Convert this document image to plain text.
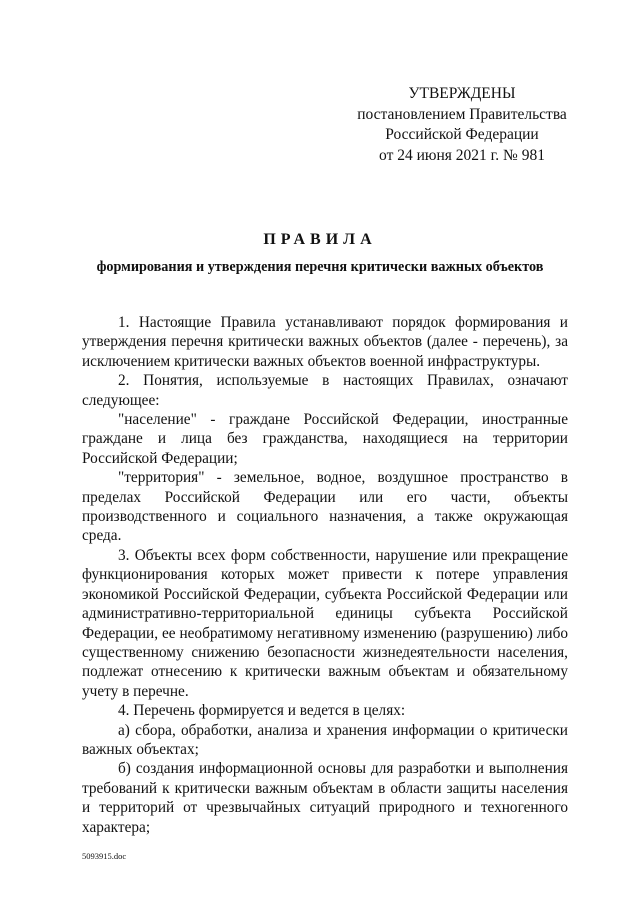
УТВЕРЖДЕНЫ
постановлением Правительства
Российской Федерации
от 24 июня 2021 г. № 981
ПРАВИЛА
формирования и утверждения перечня критически важных объектов

1. Настоящие Правила устанавливают порядок формирования и утверждения перечня критически важных объектов (далее - перечень), за исключением критически важных объектов военной инфраструктуры.

2. Понятия, используемые в настоящих Правилах, означают следующее:

"население" - граждане Российской Федерации, иностранные граждане и лица без гражданства, находящиеся на территории Российской Федерации;

"территория" - земельное, водное, воздушное пространство в пределах Российской Федерации или его части, объекты производственного и социального назначения, а также окружающая среда.

3. Объекты всех форм собственности, нарушение или прекращение функционирования которых может привести к потере управления экономикой Российской Федерации, субъекта Российской Федерации или административно-территориальной единицы субъекта Российской Федерации, ее необратимому негативному изменению (разрушению) либо существенному снижению безопасности жизнедеятельности населения, подлежат отнесению к критически важным объектам и обязательному учету в перечне.

4. Перечень формируется и ведется в целях:

а) сбора, обработки, анализа и хранения информации о критически важных объектах;

б) создания информационной основы для разработки и выполнения требований к критически важным объектам в области защиты населения и территорий от чрезвычайных ситуаций природного и техногенного характера;

5093915.doc
